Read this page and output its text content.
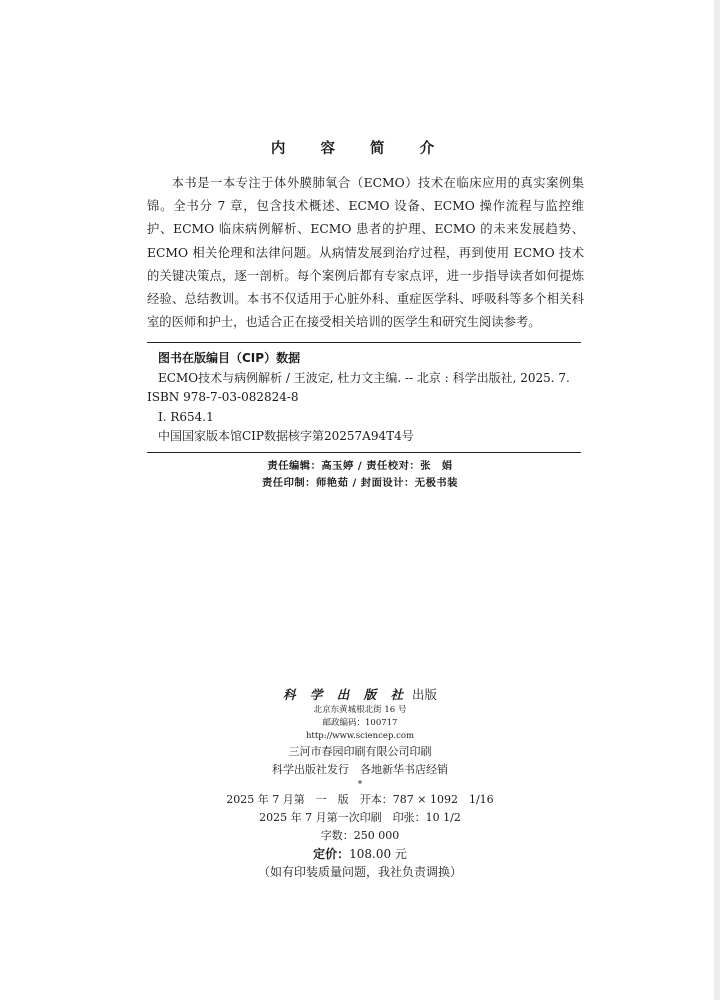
内 容 简 介

本书是一本专注于体外膜肺氧合（ECMO）技术在临床应用的真实案例集锦。全书分 7 章，包含技术概述、ECMO 设备、ECMO 操作流程与监控维护、ECMO 临床病例解析、ECMO 患者的护理、ECMO 的未来发展趋势、ECMO 相关伦理和法律问题。从病情发展到治疗过程，再到使用 ECMO 技术的关键决策点，逐一剖析。每个案例后都有专家点评，进一步指导读者如何提炼经验、总结教训。本书不仅适用于心脏外科、重症医学科、呼吸科等多个相关科室的医师和护士，也适合正在接受相关培训的医学生和研究生阅读参考。

图书在版编目（CIP）数据
ECMO技术与病例解析 / 王波定, 杜力文主编. -- 北京 : 科学出版社, 2025. 7.
ISBN 978-7-03-082824-8
Ⅰ. R654.1
中国国家版本馆CIP数据核字第20257A94T4号
责任编辑：高玉婷 / 责任校对：张　娟
责任印制：师艳茹 / 封面设计：无极书装
科 学 出 版 社 出版
北京东黄城根北街 16 号
邮政编码：100717
http://www.sciencep.com
三河市春园印刷有限公司印刷
科学出版社发行　各地新华书店经销
*
2025 年 7 月第　一　版　开本：787 × 1092　1/16
2025 年 7 月第一次印刷　印张：10 1/2
字数：250 000
定价：108.00 元
（如有印装质量问题，我社负责调换）
